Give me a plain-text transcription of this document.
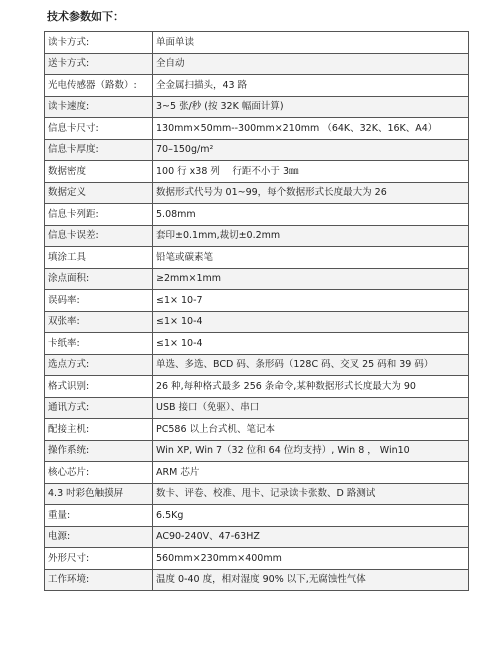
技术参数如下：
读卡方式:	单面单读
送卡方式:	全自动
光电传感器（路数）:	全金属扫描头，43 路
读卡速度:	3~5 张/秒 (按 32K 幅面计算)
信息卡尺寸:	130mm×50mm--300mm×210mm （64K、32K、16K、A4）
信息卡厚度:	70–150g/m²
数据密度	100 行 x38 列　 行距不小于 3㎜
数据定义	数据形式代号为 01~99，每个数据形式长度最大为 26
信息卡列距:	5.08mm
信息卡误差:	套印±0.1mm,裁切±0.2mm
填涂工具	铅笔或碳素笔
涂点面积:	≥2mm×1mm
误码率:	≤1× 10-7
双张率:	≤1× 10-4
卡纸率:	≤1× 10-4
选点方式:	单选、多选、BCD 码、条形码（128C 码、交叉 25 码和 39 码）
格式识别:	26 种,每种格式最多 256 条命令,某种数据形式长度最大为 90
通讯方式:	USB 接口（免驱）、串口
配接主机:	PC586 以上台式机、笔记本
操作系统:	Win XP, Win 7（32 位和 64 位均支持）, Win 8 ， Win10
核心芯片:	ARM 芯片
4.3 吋彩色触摸屏	数卡、评卷、校准、甩卡、记录读卡张数、D 路测试
重量:	6.5Kg
电源:	AC90-240V、47-63HZ
外形尺寸:	560mm×230mm×400mm
工作环境:	温度 0-40 度，相对湿度 90% 以下,无腐蚀性气体
